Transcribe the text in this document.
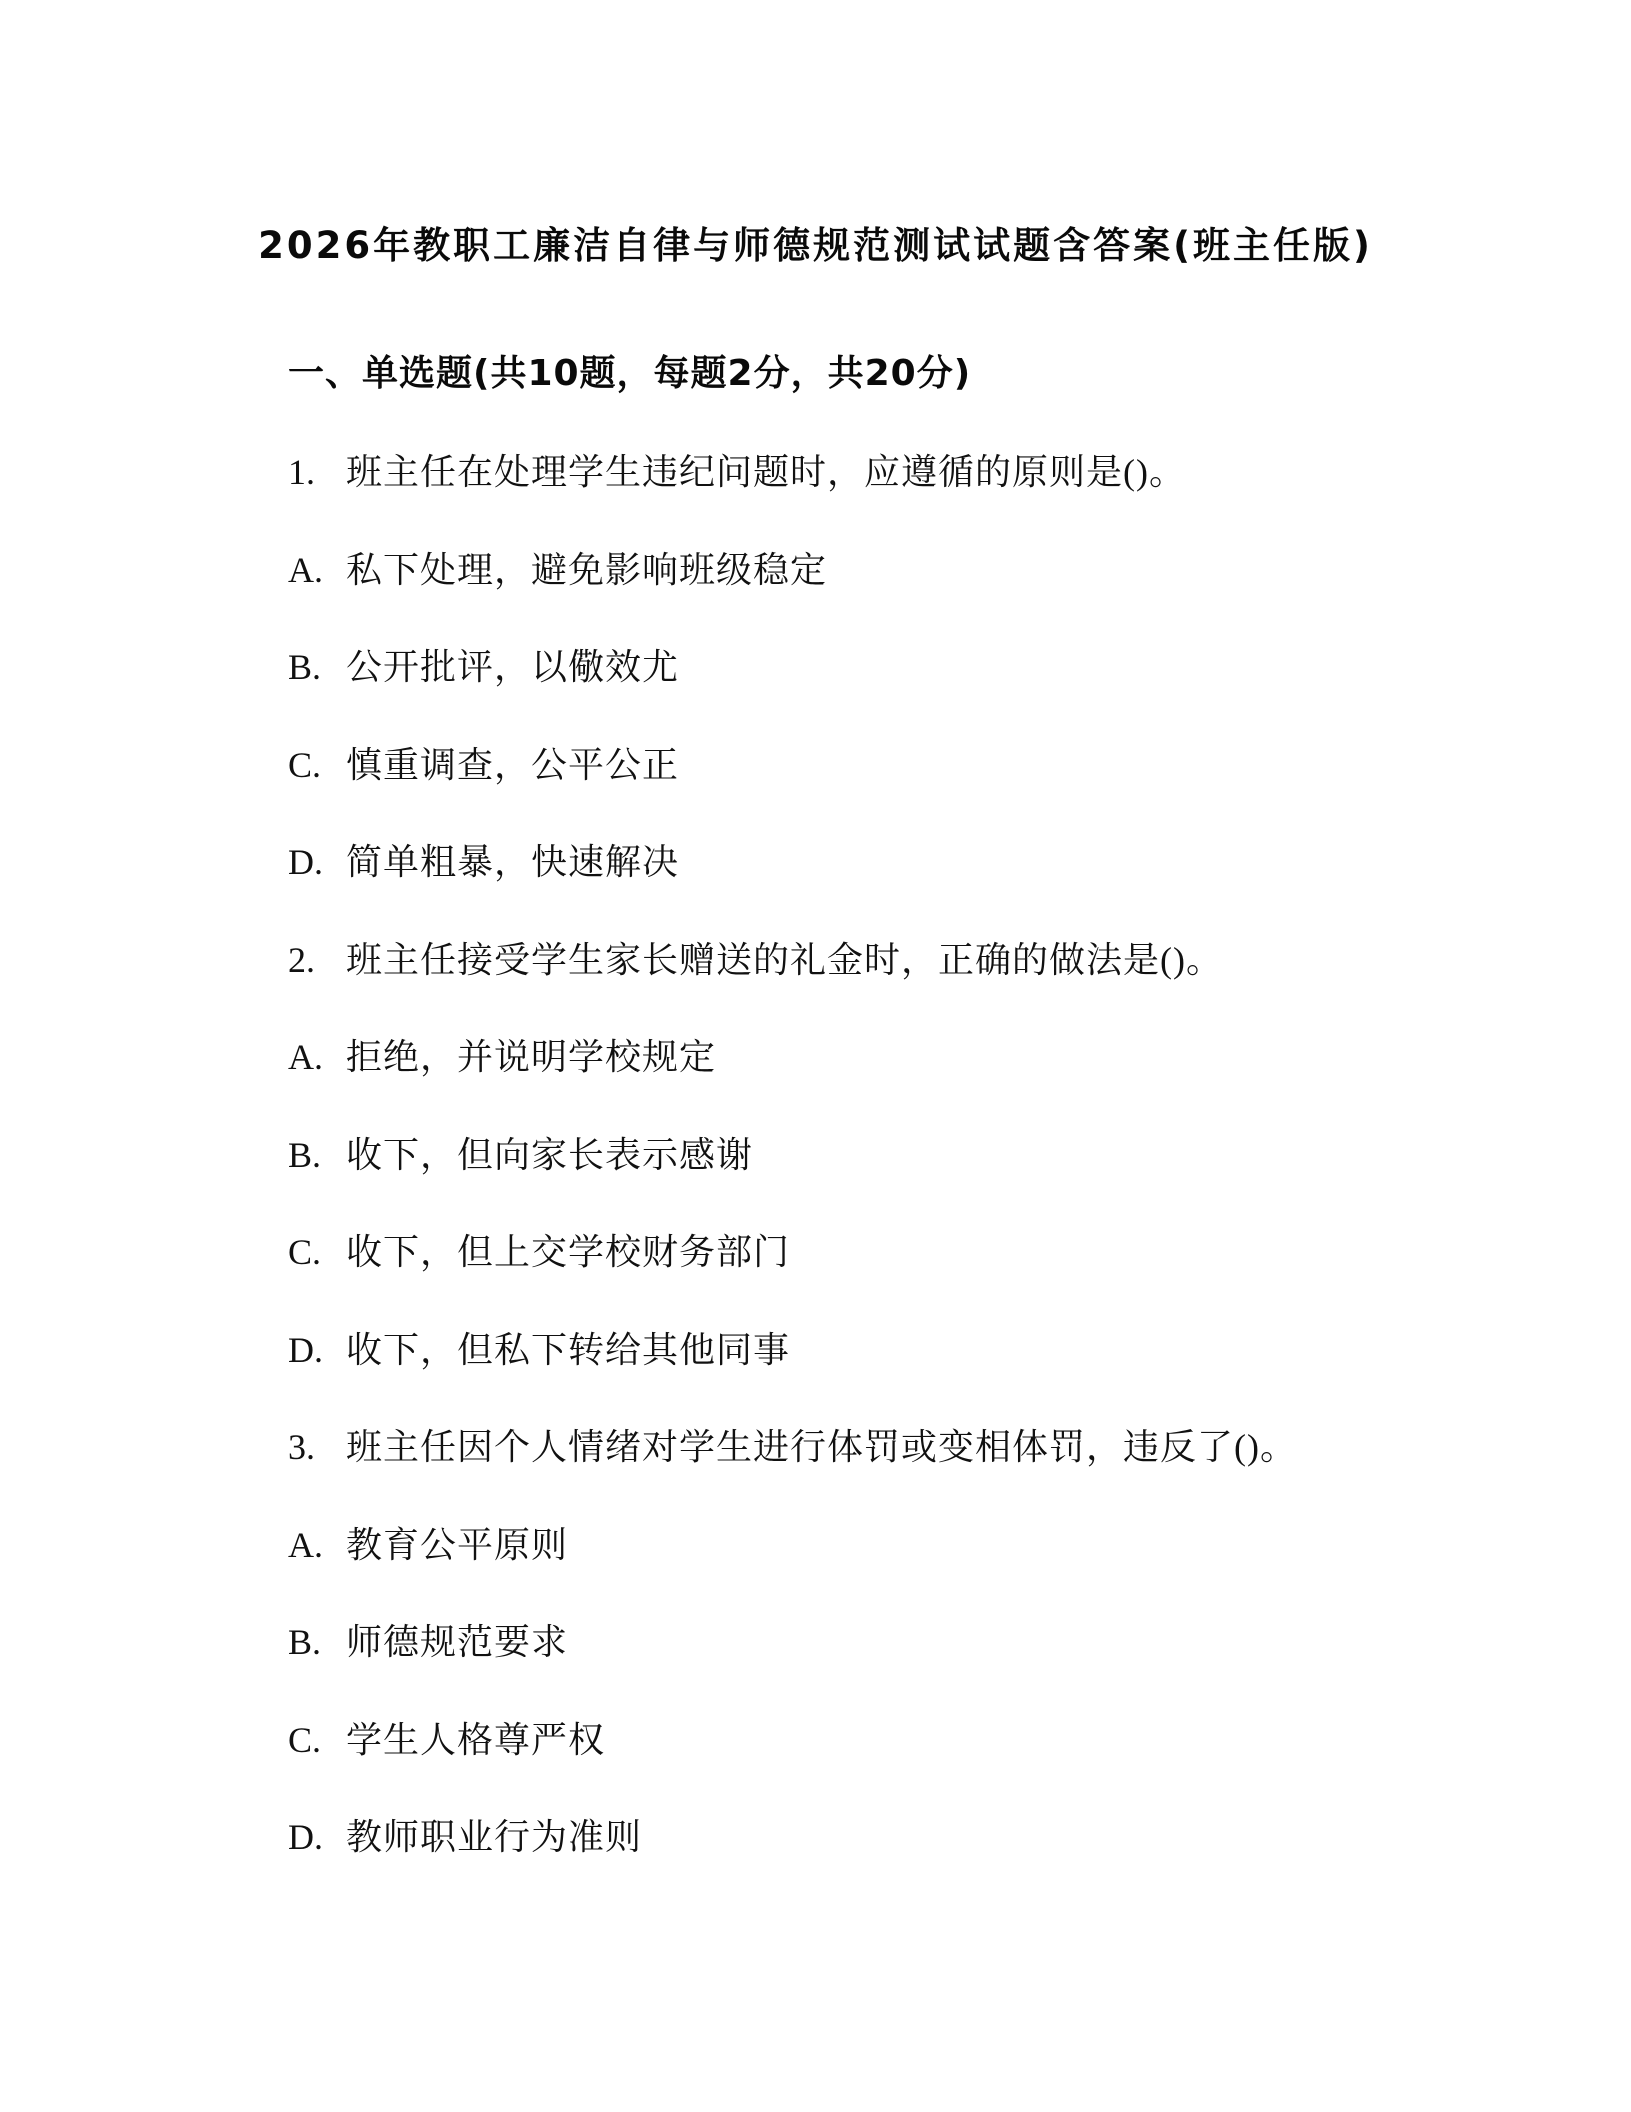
2026年教职工廉洁自律与师德规范测试试题含答案(班主任版)
一、单选题(共10题，每题2分，共20分)
1. 班主任在处理学生违纪问题时，应遵循的原则是()。
A. 私下处理，避免影响班级稳定
B. 公开批评，以儆效尤
C. 慎重调查，公平公正
D. 简单粗暴，快速解决
2. 班主任接受学生家长赠送的礼金时，正确的做法是()。
A. 拒绝，并说明学校规定
B. 收下，但向家长表示感谢
C. 收下，但上交学校财务部门
D. 收下，但私下转给其他同事
3. 班主任因个人情绪对学生进行体罚或变相体罚，违反了()。
A. 教育公平原则
B. 师德规范要求
C. 学生人格尊严权
D. 教师职业行为准则
